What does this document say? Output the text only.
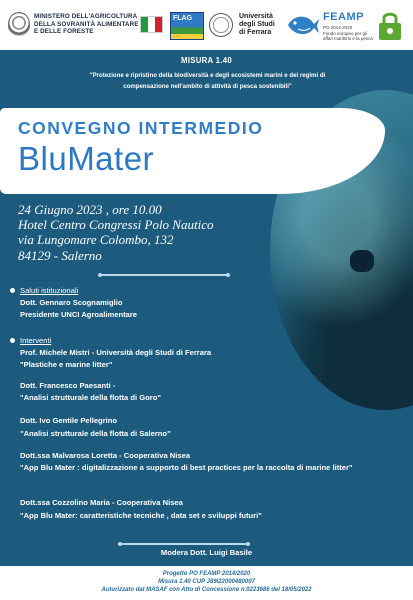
MINISTERO DELL'AGRICOLTURA
DELLA SOVRANITÀ ALIMENTARE
E DELLE FORESTE
FLAG
~ ~ ~
Università
degli Studi
di Ferrara
FEAMP
PO 2014-2020
Fondo europeo per gli
affari marittimi e la pesca
MISURA 1.40
"Protezione e ripristino della biodiversità e degli ecosistemi marini e dei regimi di
compensazione nell'ambito di attività di pesca sostenibili"
CONVEGNO INTERMEDIO
BluMater
24 Giugno 2023 , ore 10.00
Hotel Centro Congressi Polo Nautico
via Lungomare Colombo, 132
84129 - Salerno
Saluti istituzionali
Dott. Gennaro Scognamiglio
Presidente UNCI Agroalimentare
Interventi
Prof. Michele Mistri - Università degli Studi di Ferrara
"Plastiche e marine litter"
Dott. Francesco Paesanti -
"Analisi strutturale della flotta di Goro"
Dott. Ivo Gentile Pellegrino
"Analisi strutturale della flotta di Salerno"
Dott.ssa Malvarosa Loretta - Cooperativa Nisea
"App Blu Mater : digitalizzazione a supporto di best practices per la raccolta di marine litter"
Dott.ssa Cozzolino Maria - Cooperativa Nisea
"App Blu Mater: caratteristiche tecniche , data set e sviluppi futuri"
Modera Dott. Luigi Basile
Progetto PO FEAMP 2014/2020
Misura 1.40 CUP J89I22000480007
Autorizzato dal MASAF con Atto di Concessione n.0223686 del 18/05/2022
